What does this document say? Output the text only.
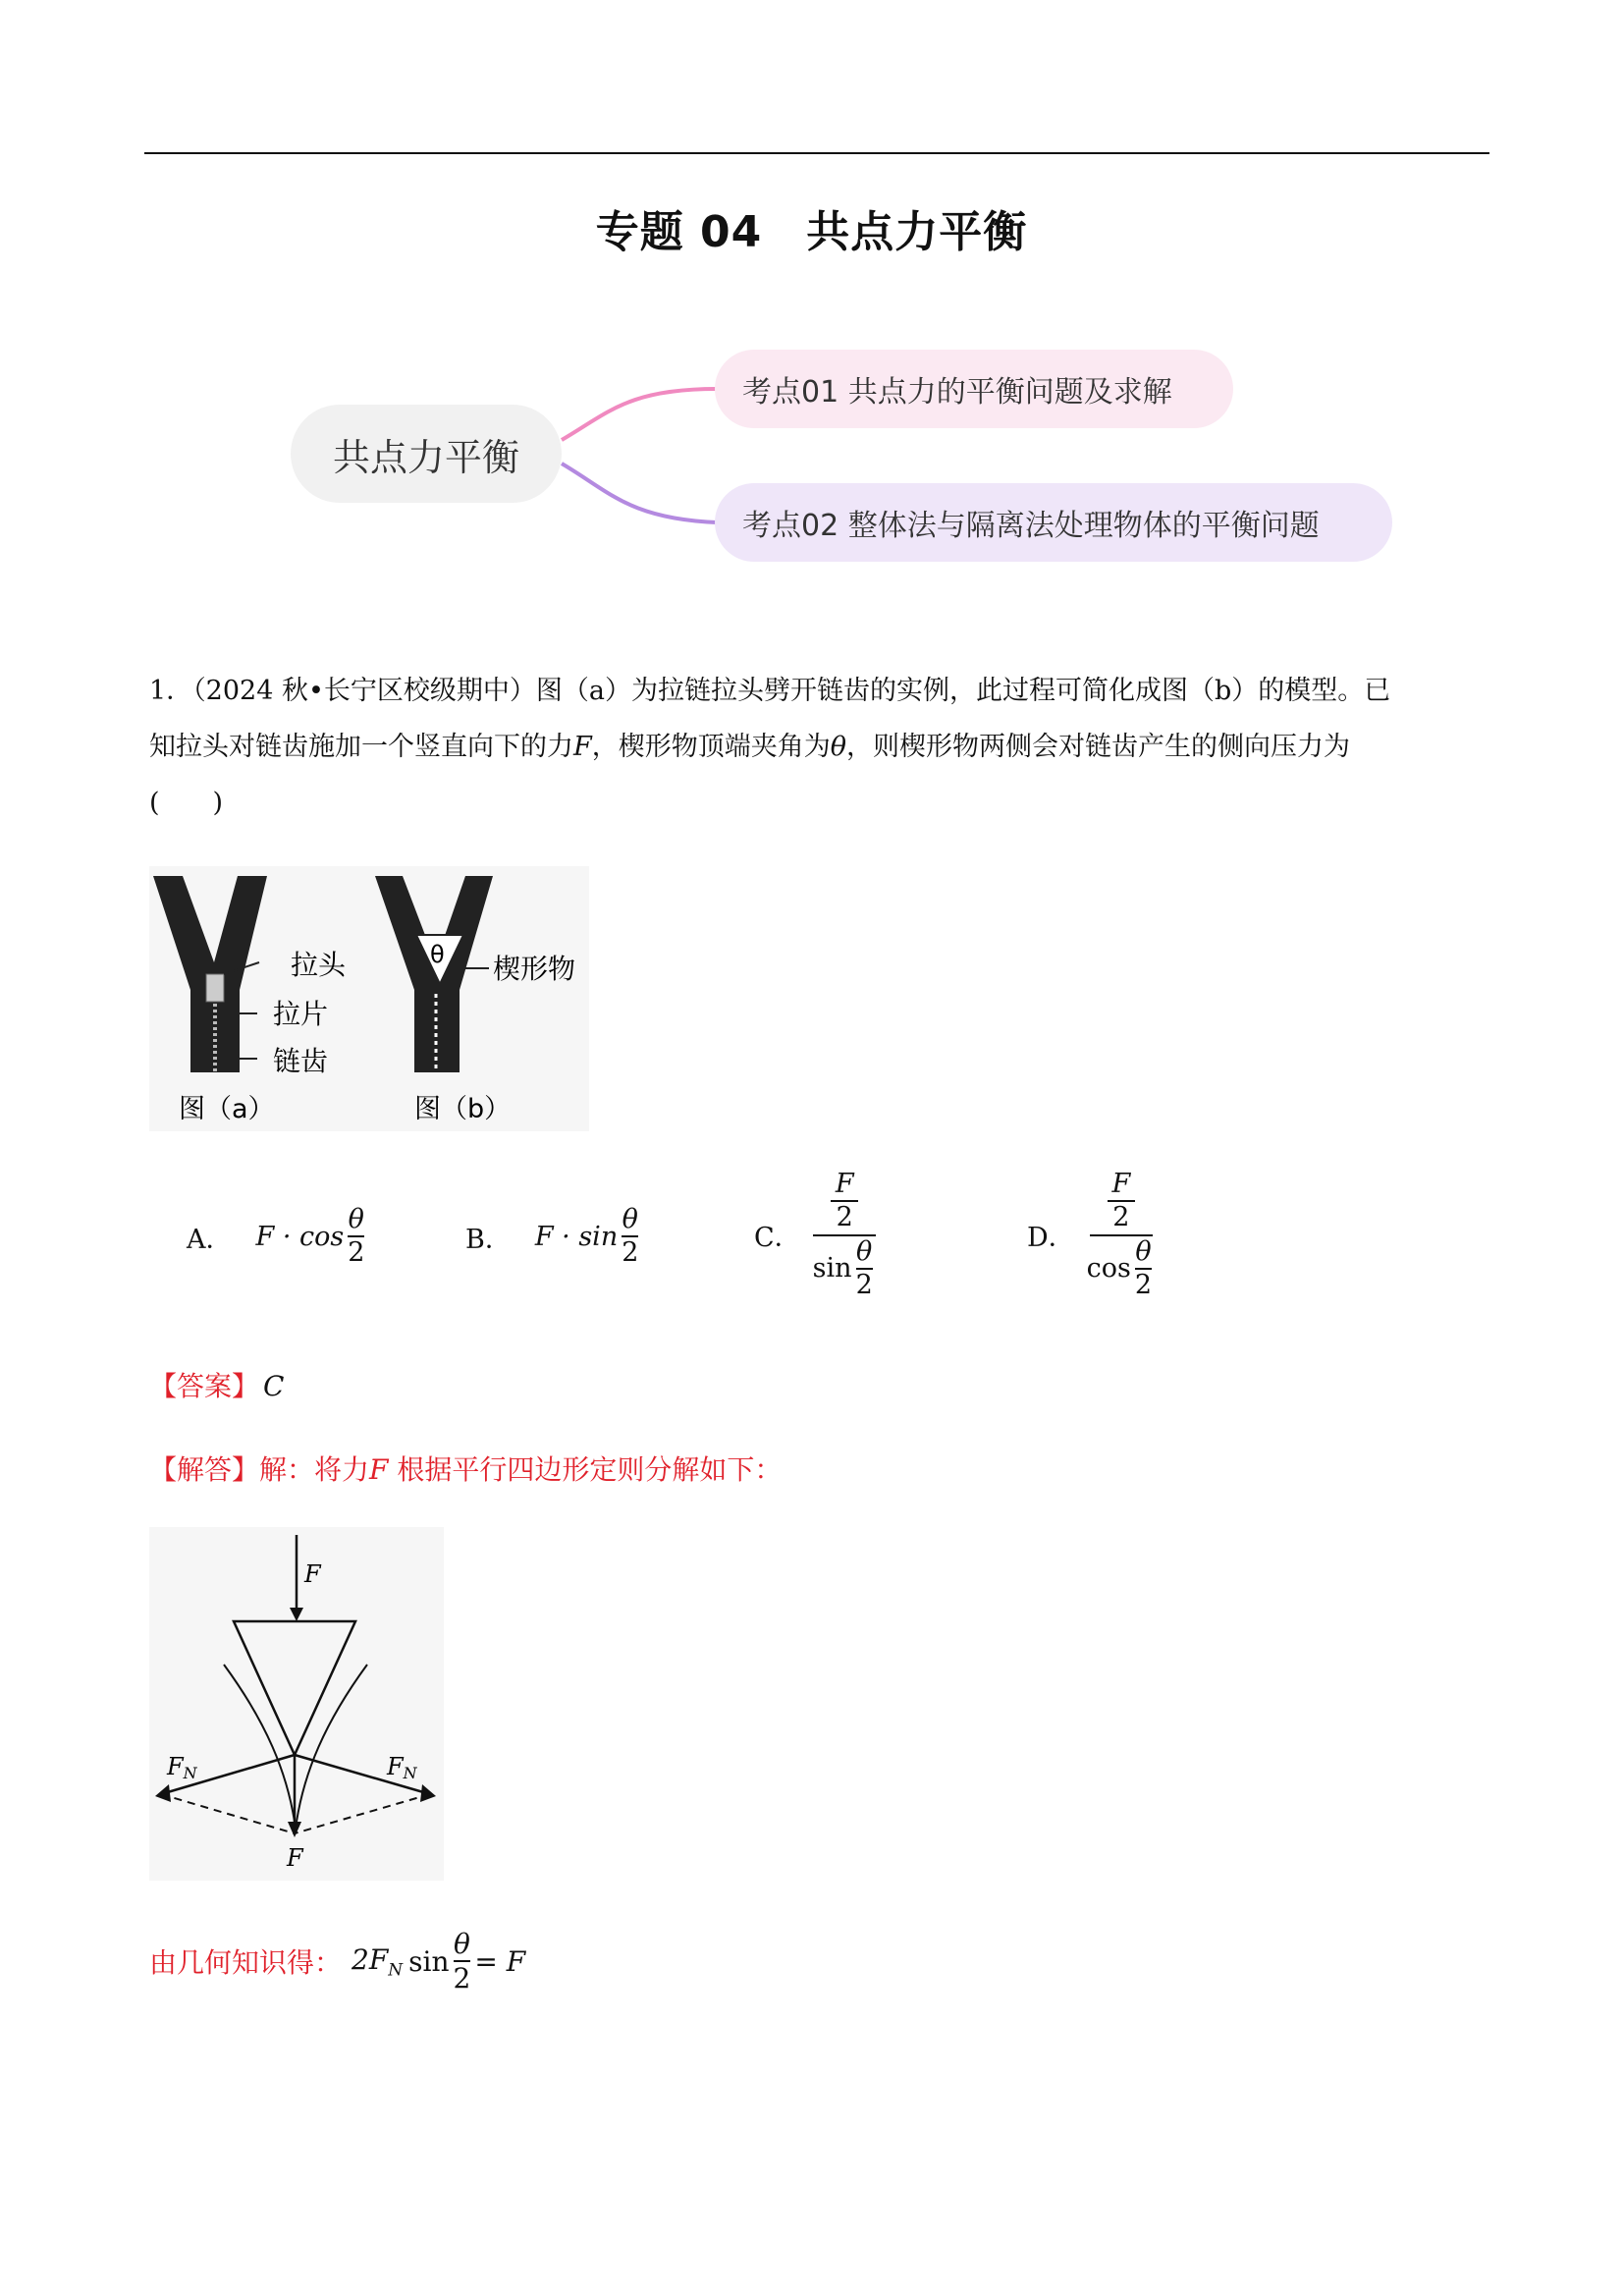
专题 04　共点力平衡
共点力平衡
考点01 共点力的平衡问题及求解
考点02 整体法与隔离法处理物体的平衡问题
1．（2024 秋•长宁区校级期中）图（a）为拉链拉头劈开链齿的实例，此过程可简化成图（b）的模型。已
知拉头对链齿施加一个竖直向下的力F，楔形物顶端夹角为θ，则楔形物两侧会对链齿产生的侧向压力为
(　　)
拉头
拉片
链齿
图（a）
θ 楔形物
图（b）
A． $F \cdot \cos \frac{\theta}{2}$	B． $F \cdot \sin \frac{\theta}{2}$	C． $\frac{\frac{F}{2}}{\sin \frac{\theta}{2}}$	D． $\frac{\frac{F}{2}}{\cos \frac{\theta}{2}}$
【答案】 C
【解答】解：将力F 根据平行四边形定则分解如下：
F
FN	FN
F
由几何知识得： $2F_N$ $\sin \frac{\theta}{2} = F$
